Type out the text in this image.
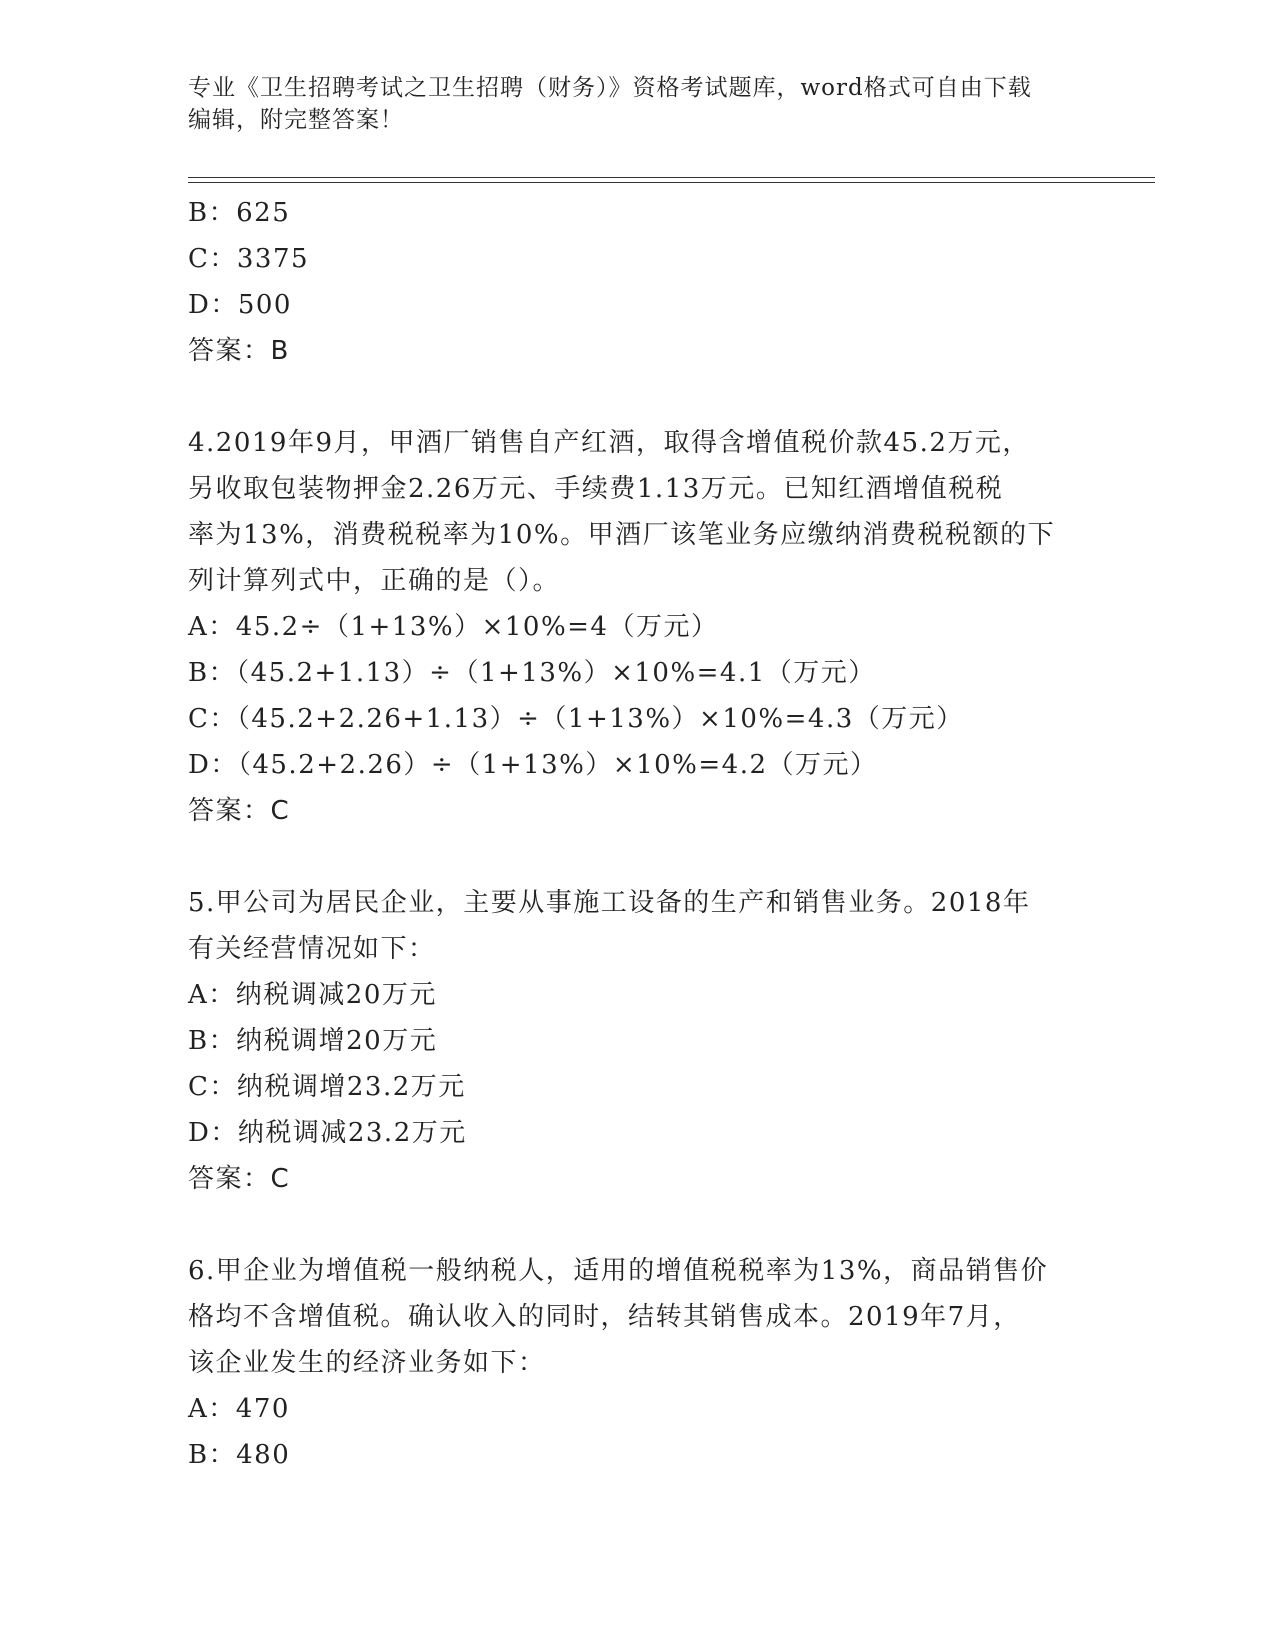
专业《卫生招聘考试之卫生招聘（财务）》资格考试题库，word格式可自由下载
编辑，附完整答案！
B：625
C：3375
D：500
答案：B
4.2019年9月，甲酒厂销售自产红酒，取得含增值税价款45.2万元，
另收取包装物押金2.26万元、手续费1.13万元。已知红酒增值税税
率为13%，消费税税率为10%。甲酒厂该笔业务应缴纳消费税税额的下
列计算列式中，正确的是（）。
A：45.2÷（1+13%）×10%=4（万元）
B：（45.2+1.13）÷（1+13%）×10%=4.1（万元）
C：（45.2+2.26+1.13）÷（1+13%）×10%=4.3（万元）
D：（45.2+2.26）÷（1+13%）×10%=4.2（万元）
答案：C
5.甲公司为居民企业，主要从事施工设备的生产和销售业务。2018年
有关经营情况如下：
A：纳税调减20万元
B：纳税调增20万元
C：纳税调增23.2万元
D：纳税调减23.2万元
答案：C
6.甲企业为增值税一般纳税人，适用的增值税税率为13%，商品销售价
格均不含增值税。确认收入的同时，结转其销售成本。2019年7月，
该企业发生的经济业务如下：
A：470
B：480
